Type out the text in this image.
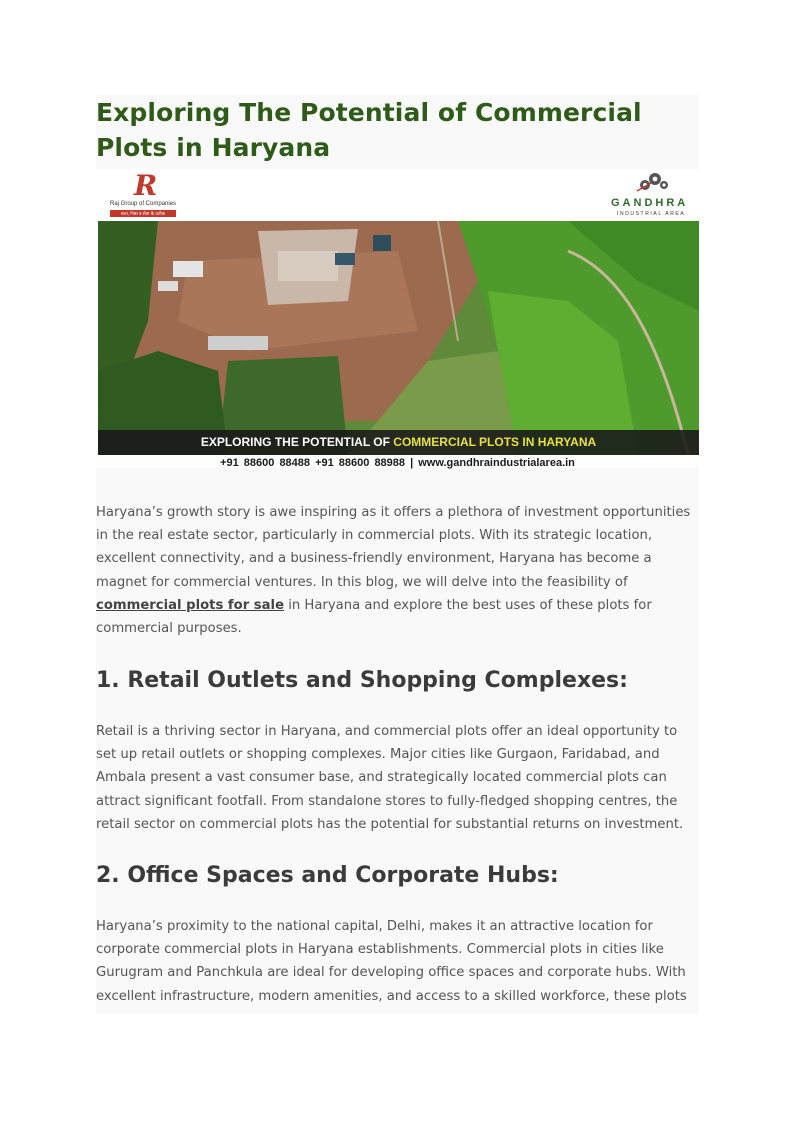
Exploring The Potential of Commercial Plots in Haryana
R
Raj Group of Companies
सत्य, निष्ठा व सेवा के प्रतीक
GANDHRA
INDUSTRIAL AREA
EXPLORING THE POTENTIAL OF COMMERCIAL PLOTS IN HARYANA
+91 88600 88488 +91 88600 88988 | www.gandhraindustrialarea.in

Haryana’s growth story is awe inspiring as it offers a plethora of investment opportunities in the real estate sector, particularly in commercial plots. With its strategic location, excellent connectivity, and a business-friendly environment, Haryana has become a magnet for commercial ventures. In this blog, we will delve into the feasibility of commercial plots for sale in Haryana and explore the best uses of these plots for commercial purposes.

1. Retail Outlets and Shopping Complexes:

Retail is a thriving sector in Haryana, and commercial plots offer an ideal opportunity to set up retail outlets or shopping complexes. Major cities like Gurgaon, Faridabad, and Ambala present a vast consumer base, and strategically located commercial plots can attract significant footfall. From standalone stores to fully-fledged shopping centres, the retail sector on commercial plots has the potential for substantial returns on investment.

2. Office Spaces and Corporate Hubs:

Haryana’s proximity to the national capital, Delhi, makes it an attractive location for corporate commercial plots in Haryana establishments. Commercial plots in cities like Gurugram and Panchkula are ideal for developing office spaces and corporate hubs. With excellent infrastructure, modern amenities, and access to a skilled workforce, these plots
